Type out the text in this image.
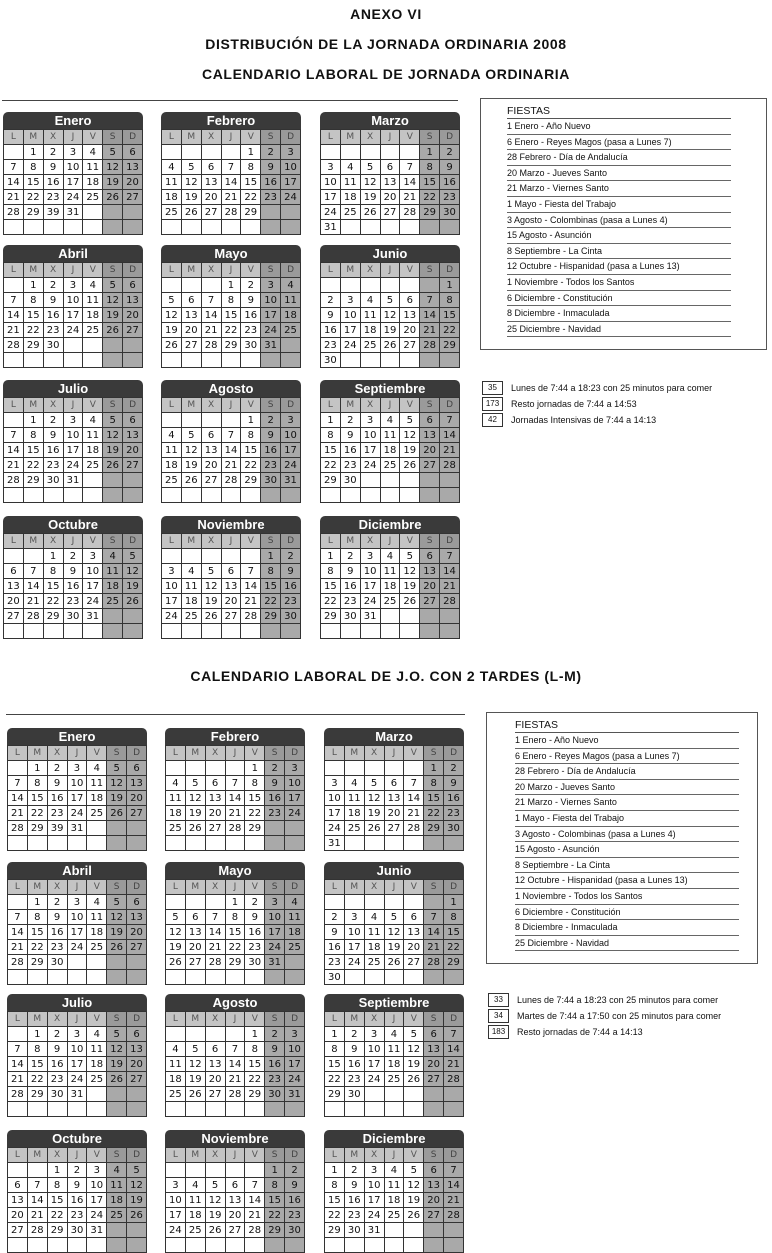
ANEXO VI
DISTRIBUCIÓN DE LA JORNADA ORDINARIA 2008
CALENDARIO LABORAL DE JORNADA ORDINARIA
CALENDARIO LABORAL DE J.O. CON 2 TARDES (L-M)
Enero
L	M	X	J	V	S	D
	1	2	3	4	5	6
7	8	9	10	11	12	13
14	15	16	17	18	19	20
21	22	23	24	25	26	27
28	29	39	31			

Febrero
L	M	X	J	V	S	D
				1	2	3
4	5	6	7	8	9	10
11	12	13	14	15	16	17
18	19	20	21	22	23	24
25	26	27	28	29		

Marzo
L	M	X	J	V	S	D
					1	2
3	4	5	6	7	8	9
10	11	12	13	14	15	16
17	18	19	20	21	22	23
24	25	26	27	28	29	30
31						
Abril
L	M	X	J	V	S	D
	1	2	3	4	5	6
7	8	9	10	11	12	13
14	15	16	17	18	19	20
21	22	23	24	25	26	27
28	29	30				

Mayo
L	M	X	J	V	S	D
			1	2	3	4
5	6	7	8	9	10	11
12	13	14	15	16	17	18
19	20	21	22	23	24	25
26	27	28	29	30	31	

Junio
L	M	X	J	V	S	D
						1
2	3	4	5	6	7	8
9	10	11	12	13	14	15
16	17	18	19	20	21	22
23	24	25	26	27	28	29
30						
Julio
L	M	X	J	V	S	D
	1	2	3	4	5	6
7	8	9	10	11	12	13
14	15	16	17	18	19	20
21	22	23	24	25	26	27
28	29	30	31			

Agosto
L	M	X	J	V	S	D
				1	2	3
4	5	6	7	8	9	10
11	12	13	14	15	16	17
18	19	20	21	22	23	24
25	26	27	28	29	30	31

Septiembre
L	M	X	J	V	S	D
1	2	3	4	5	6	7
8	9	10	11	12	13	14
15	16	17	18	19	20	21
22	23	24	25	26	27	28
29	30					

Octubre
L	M	X	J	V	S	D
		1	2	3	4	5
6	7	8	9	10	11	12
13	14	15	16	17	18	19
20	21	22	23	24	25	26
27	28	29	30	31		

Noviembre
L	M	X	J	V	S	D
					1	2
3	4	5	6	7	8	9
10	11	12	13	14	15	16
17	18	19	20	21	22	23
24	25	26	27	28	29	30

Diciembre
L	M	X	J	V	S	D
1	2	3	4	5	6	7
8	9	10	11	12	13	14
15	16	17	18	19	20	21
22	23	24	25	26	27	28
29	30	31				

FIESTAS
1 Enero - Año Nuevo
6 Enero - Reyes Magos (pasa a Lunes 7)
28 Febrero - Día de Andalucía
20 Marzo - Jueves Santo
21 Marzo - Viernes Santo
1 Mayo - Fiesta del Trabajo
3 Agosto - Colombinas (pasa a Lunes 4)
15 Agosto - Asunción
8 Septiembre - La Cinta
12 Octubre - Hispanidad (pasa a Lunes 13)
1 Noviembre - Todos los Santos
6 Diciembre - Constitución
8 Diciembre - Inmaculada
25 Diciembre - Navidad
35	Lunes de 7:44 a 18:23 con 25 minutos para comer
173	Resto jornadas de 7:44 a 14:53
42	Jornadas Intensivas de 7:44 a 14:13
Enero
L	M	X	J	V	S	D
	1	2	3	4	5	6
7	8	9	10	11	12	13
14	15	16	17	18	19	20
21	22	23	24	25	26	27
28	29	39	31			

Febrero
L	M	X	J	V	S	D
				1	2	3
4	5	6	7	8	9	10
11	12	13	14	15	16	17
18	19	20	21	22	23	24
25	26	27	28	29		

Marzo
L	M	X	J	V	S	D
					1	2
3	4	5	6	7	8	9
10	11	12	13	14	15	16
17	18	19	20	21	22	23
24	25	26	27	28	29	30
31						
Abril
L	M	X	J	V	S	D
	1	2	3	4	5	6
7	8	9	10	11	12	13
14	15	16	17	18	19	20
21	22	23	24	25	26	27
28	29	30				

Mayo
L	M	X	J	V	S	D
			1	2	3	4
5	6	7	8	9	10	11
12	13	14	15	16	17	18
19	20	21	22	23	24	25
26	27	28	29	30	31	

Junio
L	M	X	J	V	S	D
						1
2	3	4	5	6	7	8
9	10	11	12	13	14	15
16	17	18	19	20	21	22
23	24	25	26	27	28	29
30						
Julio
L	M	X	J	V	S	D
	1	2	3	4	5	6
7	8	9	10	11	12	13
14	15	16	17	18	19	20
21	22	23	24	25	26	27
28	29	30	31			

Agosto
L	M	X	J	V	S	D
				1	2	3
4	5	6	7	8	9	10
11	12	13	14	15	16	17
18	19	20	21	22	23	24
25	26	27	28	29	30	31

Septiembre
L	M	X	J	V	S	D
1	2	3	4	5	6	7
8	9	10	11	12	13	14
15	16	17	18	19	20	21
22	23	24	25	26	27	28
29	30					

Octubre
L	M	X	J	V	S	D
		1	2	3	4	5
6	7	8	9	10	11	12
13	14	15	16	17	18	19
20	21	22	23	24	25	26
27	28	29	30	31		

Noviembre
L	M	X	J	V	S	D
					1	2
3	4	5	6	7	8	9
10	11	12	13	14	15	16
17	18	19	20	21	22	23
24	25	26	27	28	29	30

Diciembre
L	M	X	J	V	S	D
1	2	3	4	5	6	7
8	9	10	11	12	13	14
15	16	17	18	19	20	21
22	23	24	25	26	27	28
29	30	31				

FIESTAS
1 Enero - Año Nuevo
6 Enero - Reyes Magos (pasa a Lunes 7)
28 Febrero - Día de Andalucía
20 Marzo - Jueves Santo
21 Marzo - Viernes Santo
1 Mayo - Fiesta del Trabajo
3 Agosto - Colombinas (pasa a Lunes 4)
15 Agosto - Asunción
8 Septiembre - La Cinta
12 Octubre - Hispanidad (pasa a Lunes 13)
1 Noviembre - Todos los Santos
6 Diciembre - Constitución
8 Diciembre - Inmaculada
25 Diciembre - Navidad
33	Lunes de 7:44 a 18:23 con 25 minutos para comer
34	Martes de 7:44 a 17:50 con 25 minutos para comer
183	Resto jornadas de 7:44 a 14:13
